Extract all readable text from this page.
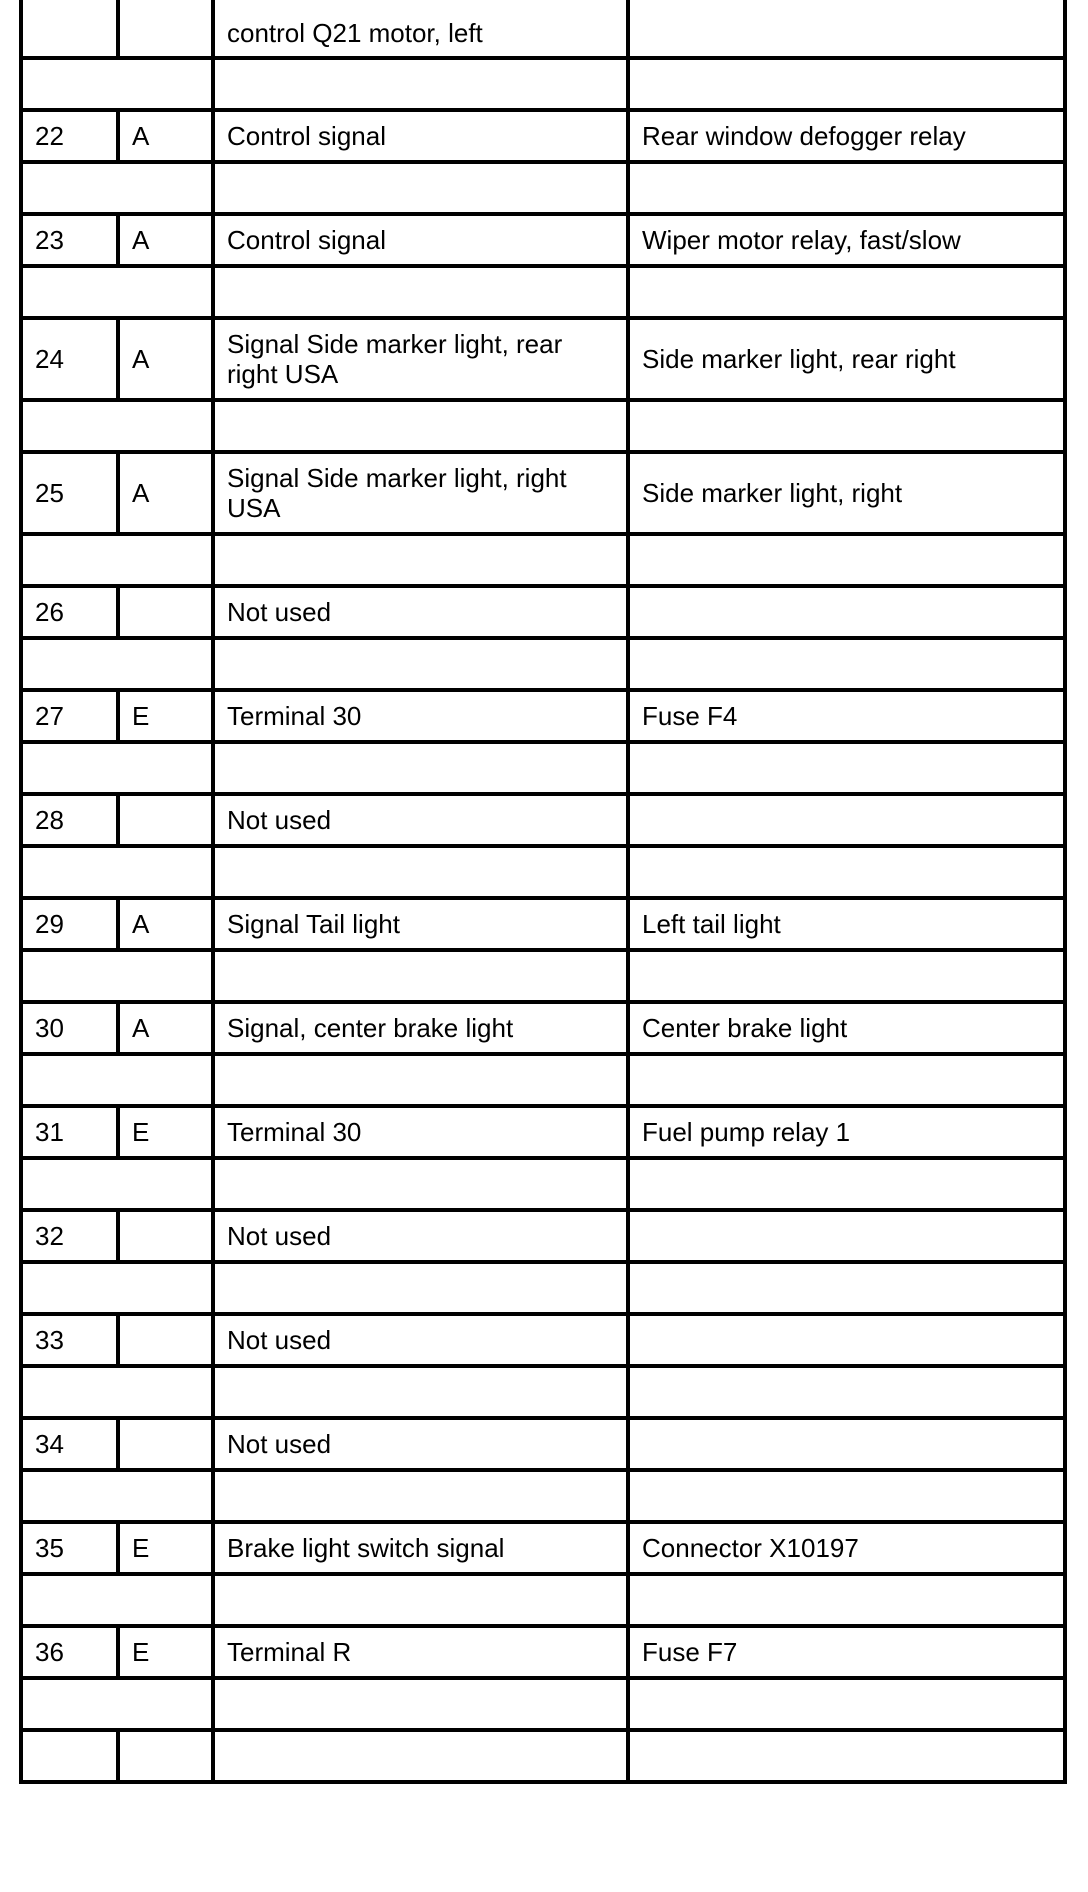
		control Q21 motor, left	

22	A	Control signal	Rear window defogger relay

23	A	Control signal	Wiper motor relay, fast/slow

24	A	Signal Side marker light, rear right USA	Side marker light, rear right

25	A	Signal Side marker light, right USA	Side marker light, right

26		Not used	

27	E	Terminal 30	Fuse F4

28		Not used	

29	A	Signal Tail light	Left tail light

30	A	Signal, center brake light	Center brake light

31	E	Terminal 30	Fuel pump relay 1

32		Not used	

33		Not used	

34		Not used	

35	E	Brake light switch signal	Connector X10197

36	E	Terminal R	Fuse F7
